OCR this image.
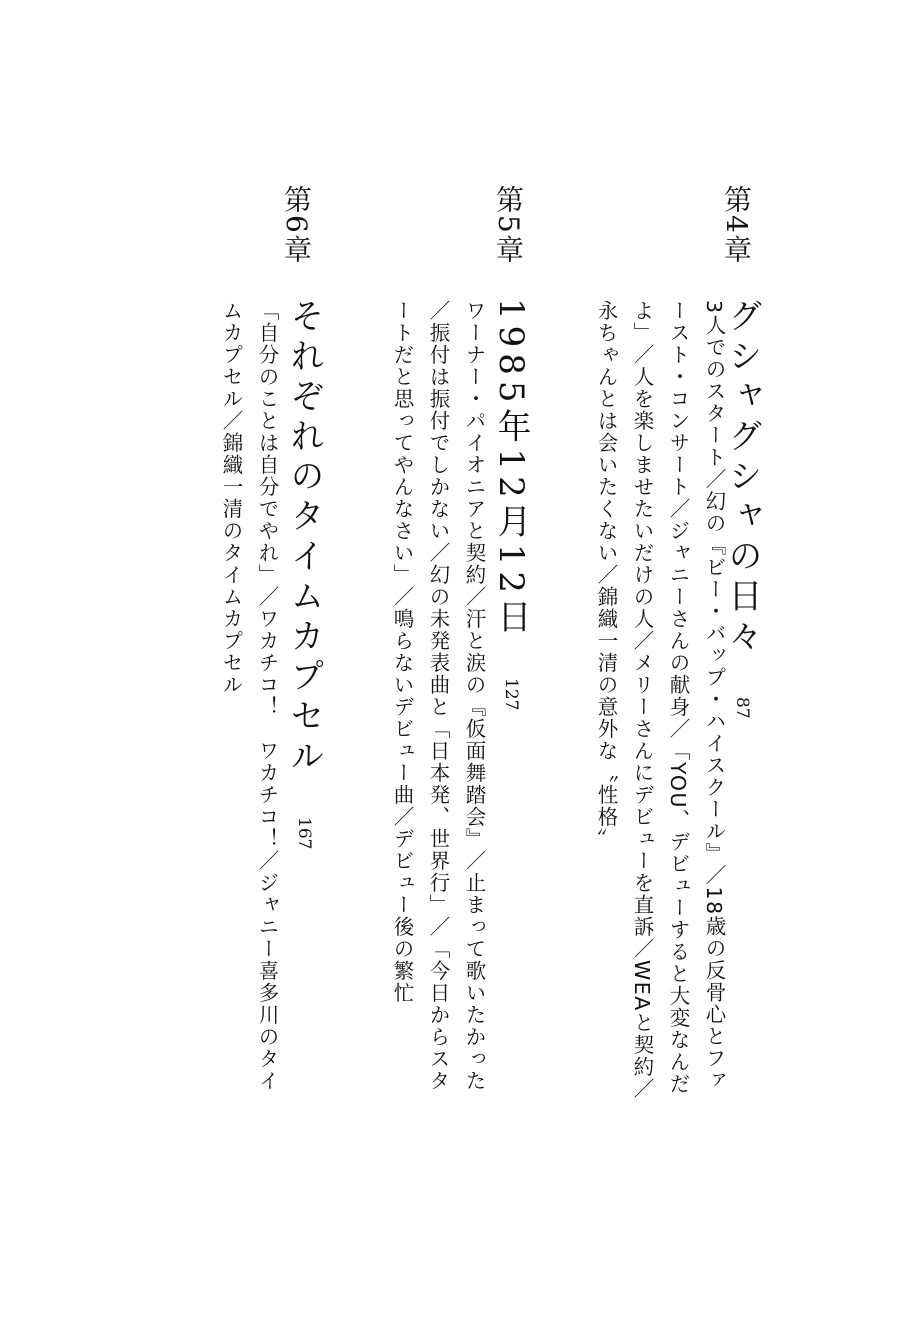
第4章
グシャグシャの日々 87
3人でのスタート／幻の『ビー・バップ・ハイスクール』／18歳の反骨心とファースト・コンサート／ジャニーさんの献身／「YOU、デビューすると大変なんだよ」／人を楽しませたいだけの人／メリーさんにデビューを直訴／WEAと契約／永ちゃんとは会いたくない／錦織一清の意外な〝性格〟
第5章
1985年12月12日 127
ワーナー・パイオニアと契約／汗と涙の『仮面舞踏会』／止まって歌いたかった／振付は振付でしかない／幻の未発表曲と「日本発、世界行」／「今日からスタートだと思ってやんなさい」／鳴らないデビュー曲／デビュー後の繁忙
第6章
それぞれのタイムカプセル 167
「自分のことは自分でやれ」／ワカチコ！　ワカチコ！／ジャニー喜多川のタイムカプセル／錦織一清のタイムカプセル
